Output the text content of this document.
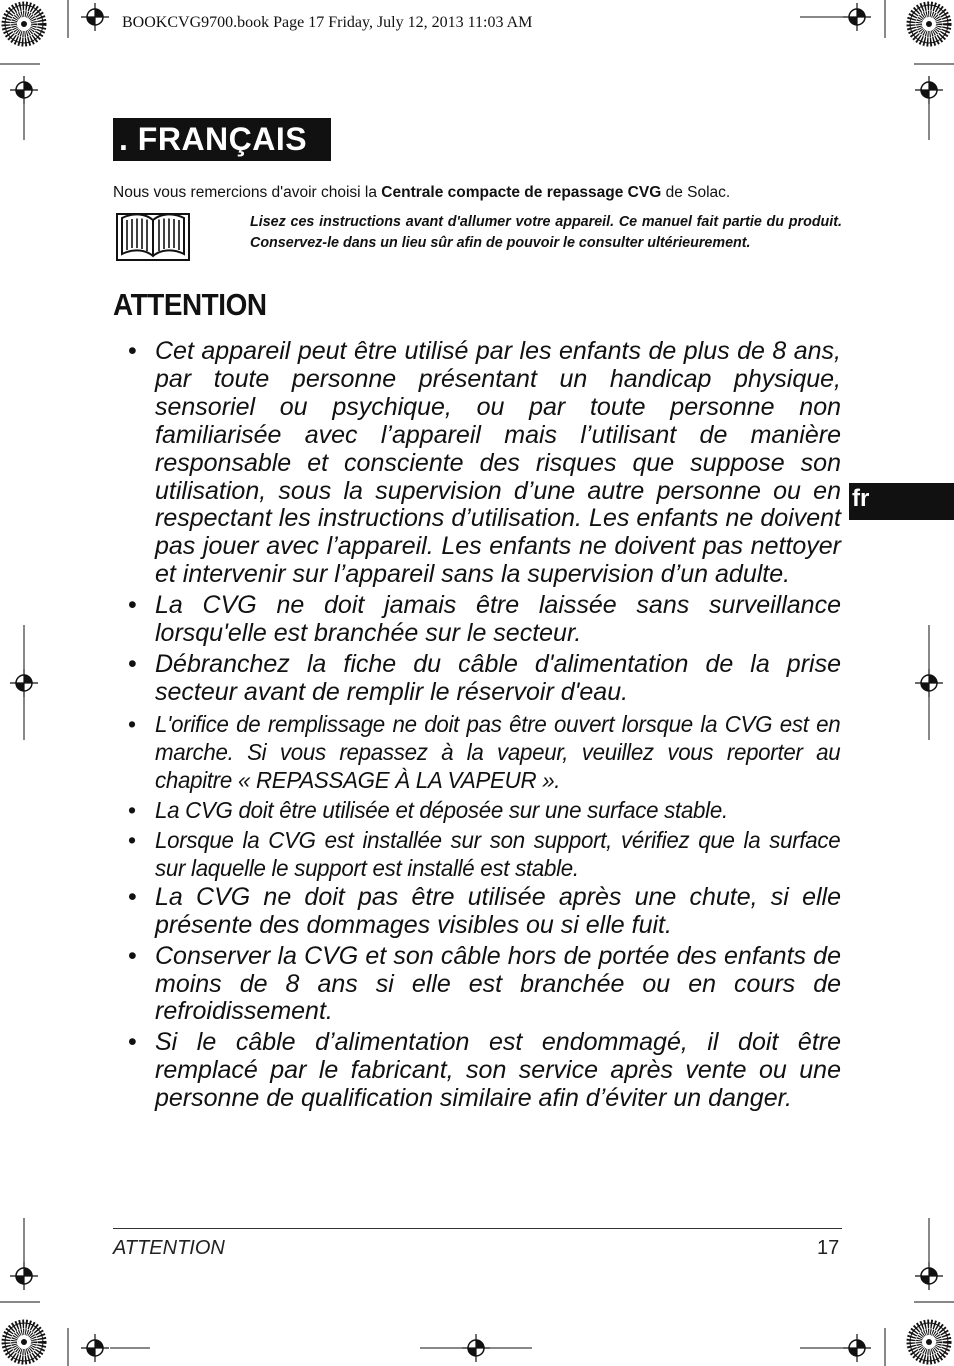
BOOKCVG9700.book Page 17 Friday, July 12, 2013 11:03 AM
. FRANÇAIS
Nous vous remercions d'avoir choisi la Centrale compacte de repassage CVG de Solac.
Lisez ces instructions avant d'allumer votre appareil. Ce manuel fait partie du produit. Conservez-le dans un lieu sûr afin de pouvoir le consulter ultérieurement.
ATTENTION
• Cet appareil peut être utilisé par les enfants de plus de 8 ans, par toute personne présentant un handicap physique, sensoriel ou psychique, ou par toute personne non familiarisée avec l’appareil mais l’utilisant de manière responsable et consciente des risques que suppose son utilisation, sous la supervision d’une autre personne ou en respectant les instructions d’utilisation. Les enfants ne doivent pas jouer avec l’appareil. Les enfants ne doivent pas nettoyer et intervenir sur l’appareil sans la supervision d’un adulte.
• La CVG ne doit jamais être laissée sans surveillance lorsqu'elle est branchée sur le secteur.
• Débranchez la fiche du câble d'alimentation de la prise secteur avant de remplir le réservoir d'eau.
• L'orifice de remplissage ne doit pas être ouvert lorsque la CVG est en marche. Si vous repassez à la vapeur, veuillez vous reporter au chapitre « REPASSAGE À LA VAPEUR ».
• La CVG doit être utilisée et déposée sur une surface stable.
• Lorsque la CVG est installée sur son support, vérifiez que la surface sur laquelle le support est installé est stable.
• La CVG ne doit pas être utilisée après une chute, si elle présente des dommages visibles ou si elle fuit.
• Conserver la CVG et son câble hors de portée des enfants de moins de 8 ans si elle est branchée ou en cours de refroidissement.
• Si le câble d’alimentation est endommagé, il doit être remplacé par le fabricant, son service après vente ou une personne de qualification similaire afin d’éviter un danger.
fr
ATTENTION	17
